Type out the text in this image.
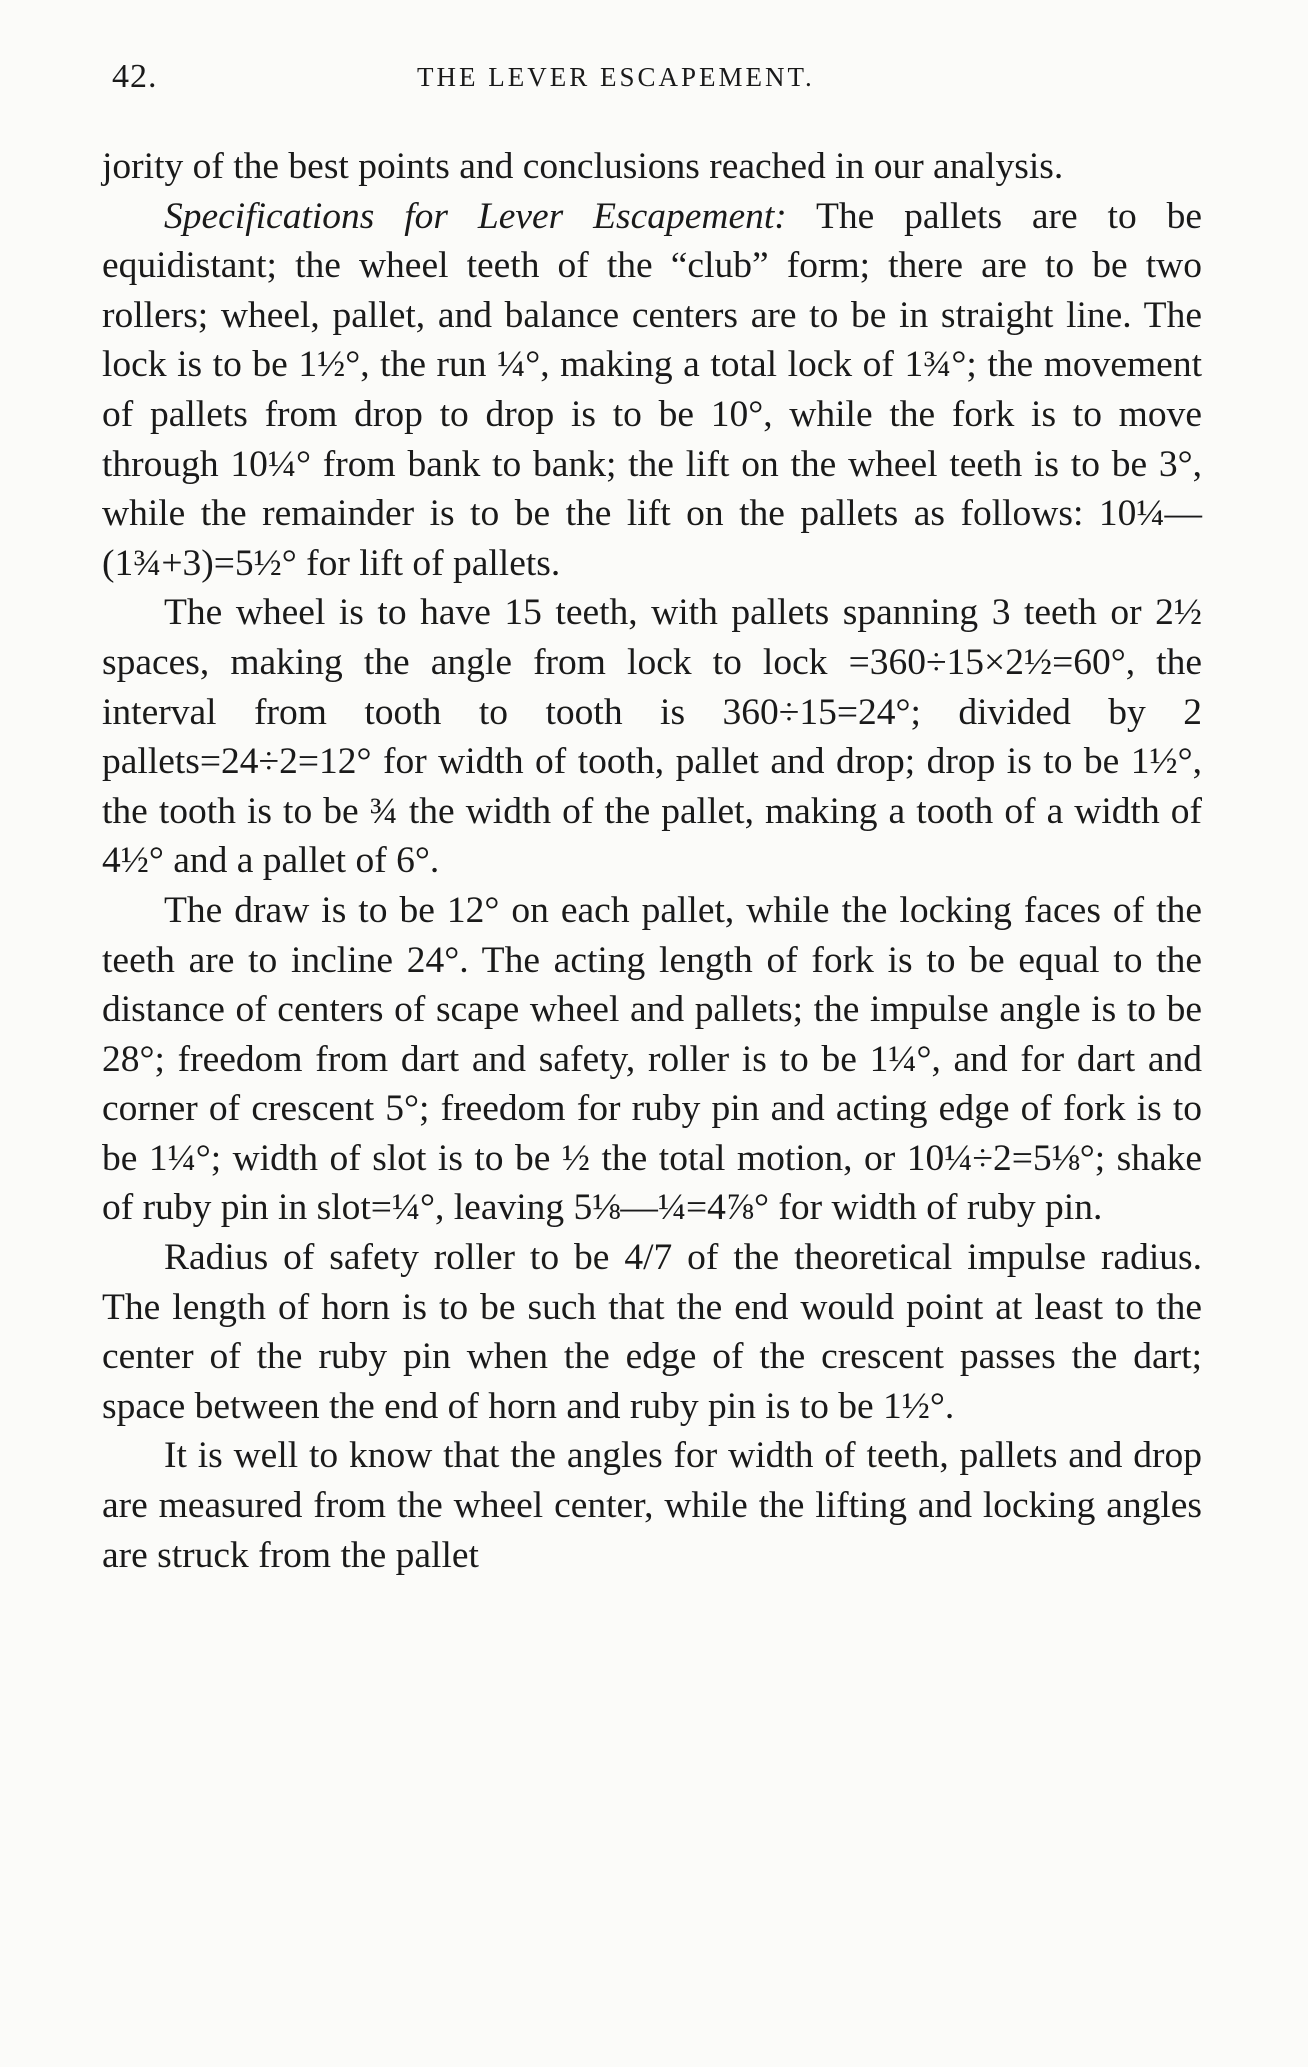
42.	THE LEVER ESCAPEMENT.

jority of the best points and conclusions reached in our analysis.

Specifications for Lever Escapement: The pallets are to be equidistant; the wheel teeth of the “club” form; there are to be two rollers; wheel, pallet, and balance centers are to be in straight line. The lock is to be 1½°, the run ¼°, making a total lock of 1¾°; the movement of pallets from drop to drop is to be 10°, while the fork is to move through 10¼° from bank to bank; the lift on the wheel teeth is to be 3°, while the remainder is to be the lift on the pallets as follows: 10¼—(1¾+3)=5½° for lift of pallets.

The wheel is to have 15 teeth, with pallets spanning 3 teeth or 2½ spaces, making the angle from lock to lock =360÷15×2½=60°, the interval from tooth to tooth is 360÷15=24°; divided by 2 pallets=24÷2=12° for width of tooth, pallet and drop; drop is to be 1½°, the tooth is to be ¾ the width of the pallet, making a tooth of a width of 4½° and a pallet of 6°.

The draw is to be 12° on each pallet, while the locking faces of the teeth are to incline 24°. The acting length of fork is to be equal to the distance of centers of scape wheel and pallets; the impulse angle is to be 28°; freedom from dart and safety, roller is to be 1¼°, and for dart and corner of crescent 5°; freedom for ruby pin and acting edge of fork is to be 1¼°; width of slot is to be ½ the total motion, or 10¼÷2=5⅛°; shake of ruby pin in slot=¼°, leaving 5⅛—¼=4⅞° for width of ruby pin.

Radius of safety roller to be 4/7 of the theoretical impulse radius. The length of horn is to be such that the end would point at least to the center of the ruby pin when the edge of the crescent passes the dart; space between the end of horn and ruby pin is to be 1½°.

It is well to know that the angles for width of teeth, pallets and drop are measured from the wheel center, while the lifting and locking angles are struck from the pallet
